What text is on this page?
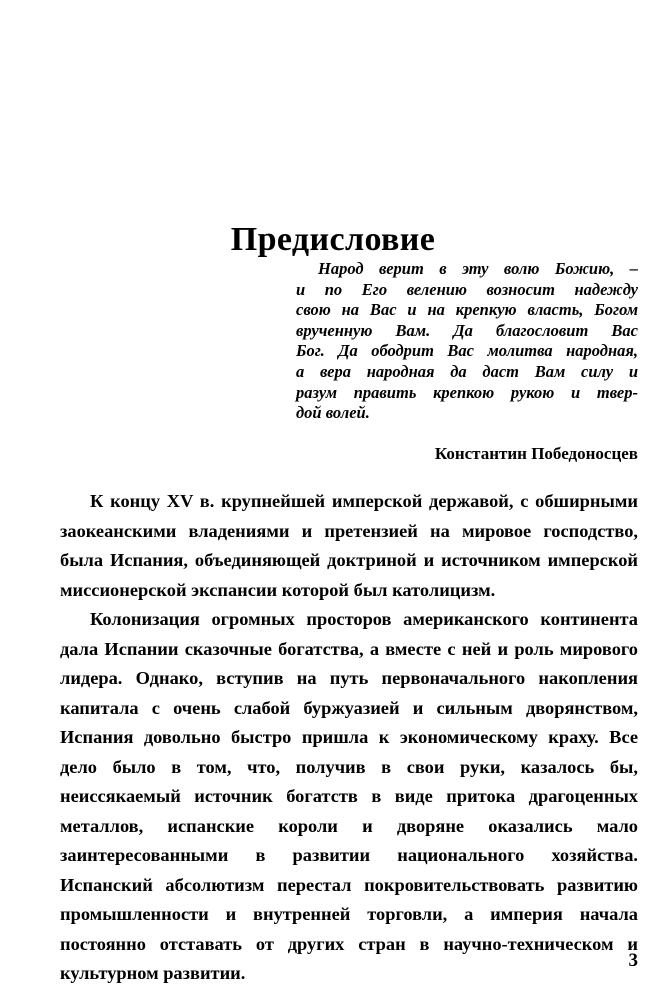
Предисловие
Народ верит в эту волю Божию, –
и по Его велению возносит надежду
свою на Вас и на крепкую власть, Богом
врученную Вам. Да благословит Вас
Бог. Да ободрит Вас молитва народная,
а вера народная да даст Вам силу и
разум править крепкою рукою и твер-
дой волей.
Константин Победоносцев

К концу XV в. крупнейшей имперской державой, с обширными заокеанскими владениями и претензией на мировое господство, была Испания, объединяющей доктриной и источником имперской миссионерской экспансии которой был католицизм.

Колонизация огромных просторов американского континента дала Испании сказочные богатства, а вместе с ней и роль мирового лидера. Однако, вступив на путь первоначального накопления капитала с очень слабой буржуазией и сильным дворянством, Испания довольно быстро пришла к экономическому краху. Все дело было в том, что, получив в свои руки, казалось бы, неиссякаемый источник богатств в виде притока драгоценных металлов, испанские короли и дворяне оказались мало заинтересованными в развитии национального хозяйства. Испанский абсолютизм перестал покровительствовать развитию промышленности и внутренней торговли, а империя начала постоянно отставать от других стран в научно-техническом и культурном развитии.

3
